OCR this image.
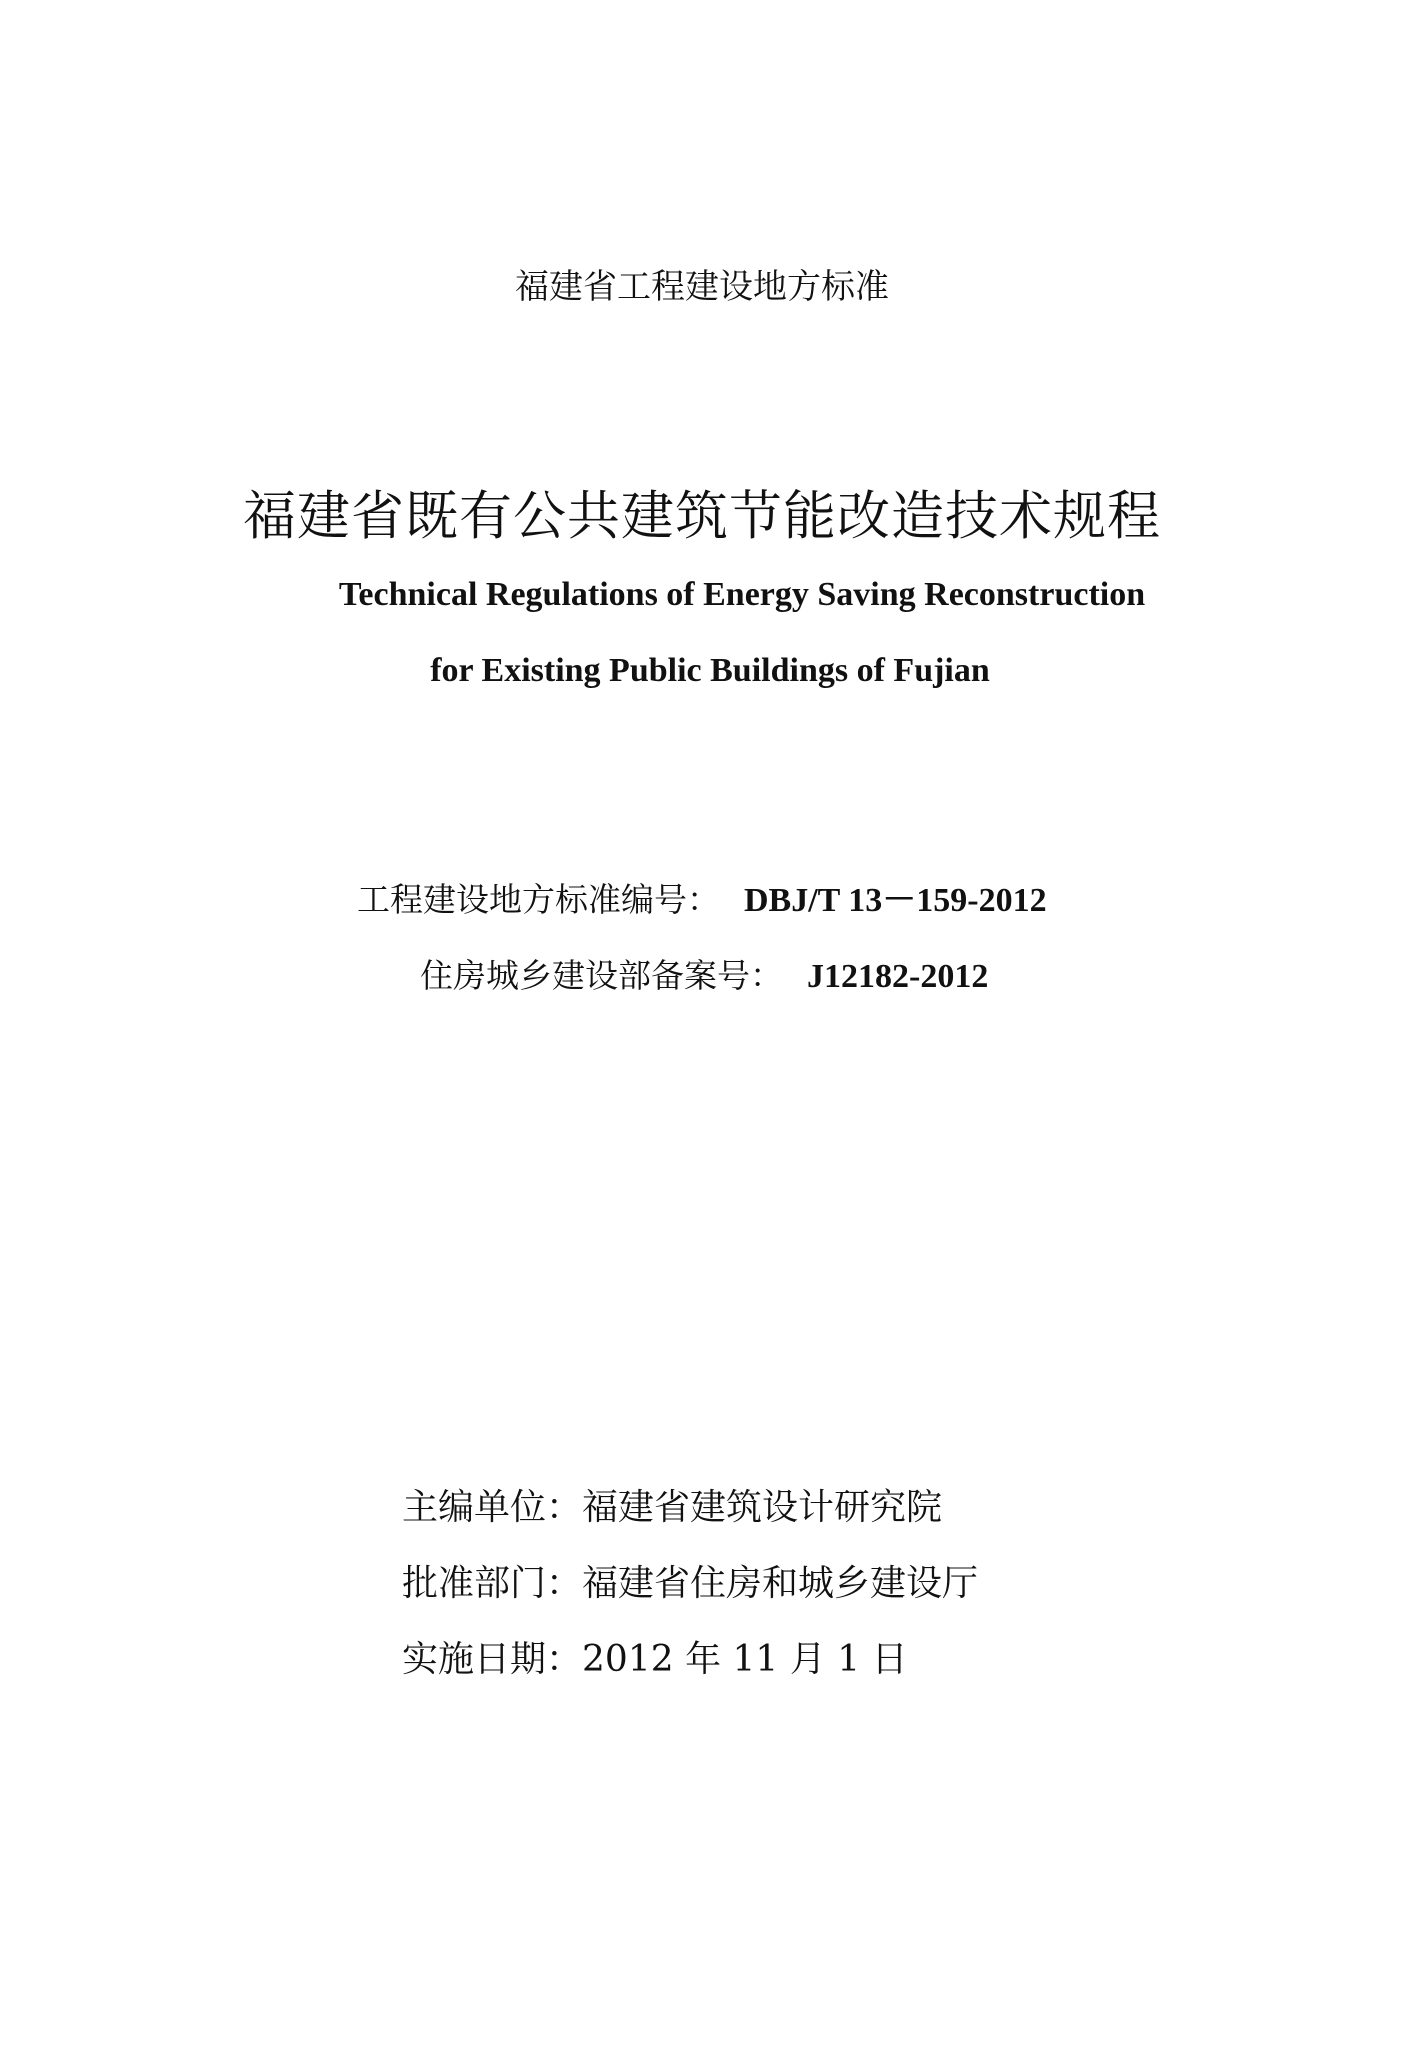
福建省工程建设地方标准
福建省既有公共建筑节能改造技术规程
Technical Regulations of Energy Saving Reconstruction
for Existing Public Buildings of Fujian
工程建设地方标准编号： DBJ/T 13－159-2012
住房城乡建设部备案号： J12182-2012
主编单位：福建省建筑设计研究院
批准部门：福建省住房和城乡建设厅
实施日期：2012 年 11 月 1 日
